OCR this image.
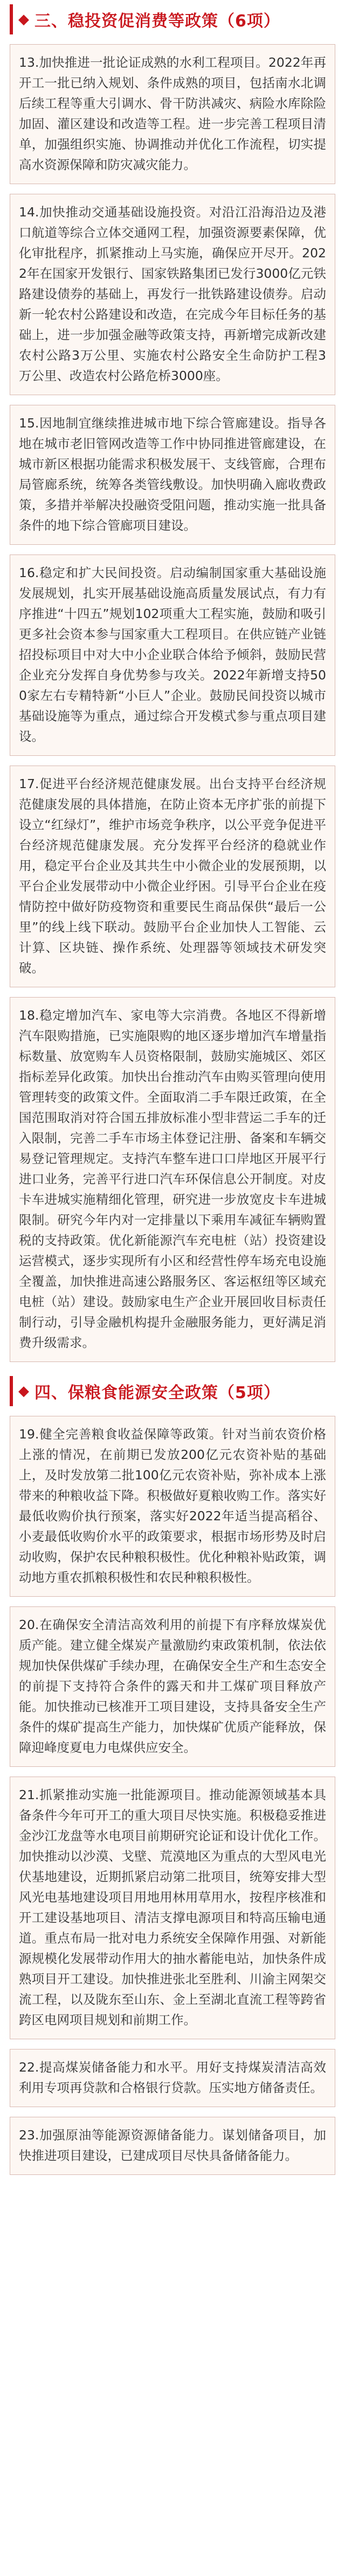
◆ 三、稳投资促消费等政策（6项）

13.加快推进一批论证成熟的水利工程项目。2022年再开工一批已纳入规划、条件成熟的项目，包括南水北调后续工程等重大引调水、骨干防洪减灾、病险水库除险加固、灌区建设和改造等工程。进一步完善工程项目清单，加强组织实施、协调推动并优化工作流程，切实提高水资源保障和防灾减灾能力。

14.加快推动交通基础设施投资。对沿江沿海沿边及港口航道等综合立体交通网工程，加强资源要素保障，优化审批程序，抓紧推动上马实施，确保应开尽开。2022年在国家开发银行、国家铁路集团已发行3000亿元铁路建设债券的基础上，再发行一批铁路建设债券。启动新一轮农村公路建设和改造，在完成今年目标任务的基础上，进一步加强金融等政策支持，再新增完成新改建农村公路3万公里、实施农村公路安全生命防护工程3万公里、改造农村公路危桥3000座。

15.因地制宜继续推进城市地下综合管廊建设。指导各地在城市老旧管网改造等工作中协同推进管廊建设，在城市新区根据功能需求积极发展干、支线管廊，合理布局管廊系统，统筹各类管线敷设。加快明确入廊收费政策，多措并举解决投融资受阻问题，推动实施一批具备条件的地下综合管廊项目建设。

16.稳定和扩大民间投资。启动编制国家重大基础设施发展规划，扎实开展基础设施高质量发展试点，有力有序推进“十四五”规划102项重大工程实施，鼓励和吸引更多社会资本参与国家重大工程项目。在供应链产业链招投标项目中对大中小企业联合体给予倾斜，鼓励民营企业充分发挥自身优势参与攻关。2022年新增支持500家左右专精特新“小巨人”企业。鼓励民间投资以城市基础设施等为重点，通过综合开发模式参与重点项目建设。

17.促进平台经济规范健康发展。出台支持平台经济规范健康发展的具体措施，在防止资本无序扩张的前提下设立“红绿灯”，维护市场竞争秩序，以公平竞争促进平台经济规范健康发展。充分发挥平台经济的稳就业作用，稳定平台企业及其共生中小微企业的发展预期，以平台企业发展带动中小微企业纾困。引导平台企业在疫情防控中做好防疫物资和重要民生商品保供“最后一公里”的线上线下联动。鼓励平台企业加快人工智能、云计算、区块链、操作系统、处理器等领域技术研发突破。

18.稳定增加汽车、家电等大宗消费。各地区不得新增汽车限购措施，已实施限购的地区逐步增加汽车增量指标数量、放宽购车人员资格限制，鼓励实施城区、郊区指标差异化政策。加快出台推动汽车由购买管理向使用管理转变的政策文件。全面取消二手车限迁政策，在全国范围取消对符合国五排放标准小型非营运二手车的迁入限制，完善二手车市场主体登记注册、备案和车辆交易登记管理规定。支持汽车整车进口口岸地区开展平行进口业务，完善平行进口汽车环保信息公开制度。对皮卡车进城实施精细化管理，研究进一步放宽皮卡车进城限制。研究今年内对一定排量以下乘用车减征车辆购置税的支持政策。优化新能源汽车充电桩（站）投资建设运营模式，逐步实现所有小区和经营性停车场充电设施全覆盖，加快推进高速公路服务区、客运枢纽等区域充电桩（站）建设。鼓励家电生产企业开展回收目标责任制行动，引导金融机构提升金融服务能力，更好满足消费升级需求。

◆ 四、保粮食能源安全政策（5项）

19.健全完善粮食收益保障等政策。针对当前农资价格上涨的情况，在前期已发放200亿元农资补贴的基础上，及时发放第二批100亿元农资补贴，弥补成本上涨带来的种粮收益下降。积极做好夏粮收购工作。落实好最低收购价执行预案，落实好2022年适当提高稻谷、小麦最低收购价水平的政策要求，根据市场形势及时启动收购，保护农民种粮积极性。优化种粮补贴政策，调动地方重农抓粮积极性和农民种粮积极性。

20.在确保安全清洁高效利用的前提下有序释放煤炭优质产能。建立健全煤炭产量激励约束政策机制，依法依规加快保供煤矿手续办理，在确保安全生产和生态安全的前提下支持符合条件的露天和井工煤矿项目释放产能。加快推动已核准开工项目建设，支持具备安全生产条件的煤矿提高生产能力，加快煤矿优质产能释放，保障迎峰度夏电力电煤供应安全。

21.抓紧推动实施一批能源项目。推动能源领域基本具备条件今年可开工的重大项目尽快实施。积极稳妥推进金沙江龙盘等水电项目前期研究论证和设计优化工作。加快推动以沙漠、戈壁、荒漠地区为重点的大型风电光伏基地建设，近期抓紧启动第二批项目，统筹安排大型风光电基地建设项目用地用林用草用水，按程序核准和开工建设基地项目、清洁支撑电源项目和特高压输电通道。重点布局一批对电力系统安全保障作用强、对新能源规模化发展带动作用大的抽水蓄能电站，加快条件成熟项目开工建设。加快推进张北至胜利、川渝主网架交流工程，以及陇东至山东、金上至湖北直流工程等跨省跨区电网项目规划和前期工作。

22.提高煤炭储备能力和水平。用好支持煤炭清洁高效利用专项再贷款和合格银行贷款。压实地方储备责任。

23.加强原油等能源资源储备能力。谋划储备项目，加快推进项目建设，已建成项目尽快具备储备能力。
